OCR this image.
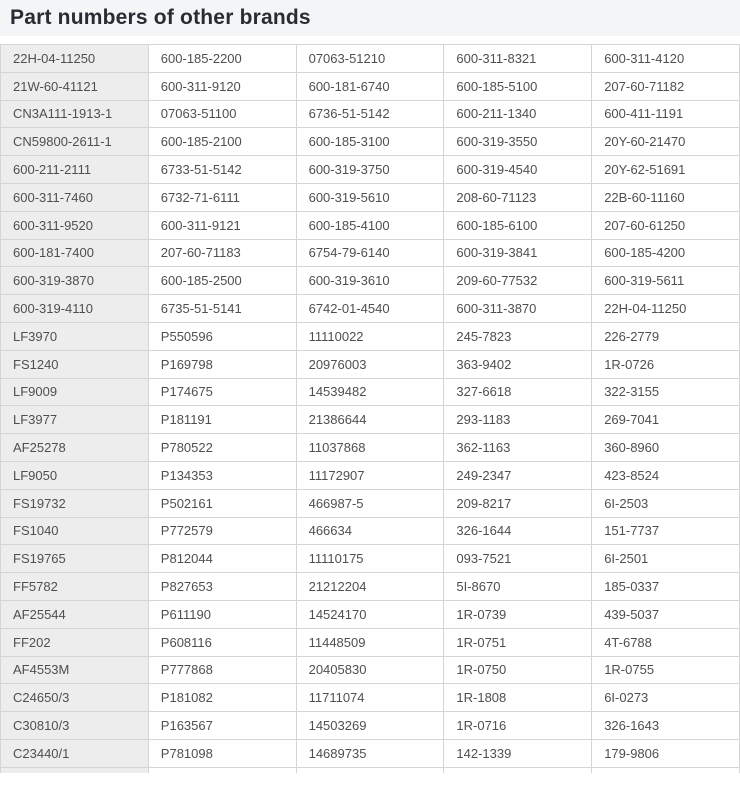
Part numbers of other brands
22H-04-11250	600-185-2200	07063-51210	600-311-8321	600-311-4120
21W-60-41121	600-311-9120	600-181-6740	600-185-5100	207-60-71182
CN3A111-1913-1	07063-51100	6736-51-5142	600-211-1340	600-411-1191
CN59800-2611-1	600-185-2100	600-185-3100	600-319-3550	20Y-60-21470
600-211-2111	6733-51-5142	600-319-3750	600-319-4540	20Y-62-51691
600-311-7460	6732-71-6111	600-319-5610	208-60-71123	22B-60-11160
600-311-9520	600-311-9121	600-185-4100	600-185-6100	207-60-61250
600-181-7400	207-60-71183	6754-79-6140	600-319-3841	600-185-4200
600-319-3870	600-185-2500	600-319-3610	209-60-77532	600-319-5611
600-319-4110	6735-51-5141	6742-01-4540	600-311-3870	22H-04-11250
LF3970	P550596	11110022	245-7823	226-2779
FS1240	P169798	20976003	363-9402	1R-0726
LF9009	P174675	14539482	327-6618	322-3155
LF3977	P181191	21386644	293-1183	269-7041
AF25278	P780522	11037868	362-1163	360-8960
LF9050	P134353	11172907	249-2347	423-8524
FS19732	P502161	466987-5	209-8217	6I-2503
FS1040	P772579	466634	326-1644	151-7737
FS19765	P812044	11110175	093-7521	6I-2501
FF5782	P827653	21212204	5I-8670	185-0337
AF25544	P611190	14524170	1R-0739	439-5037
FF202	P608116	11448509	1R-0751	4T-6788
AF4553M	P777868	20405830	1R-0750	1R-0755
C24650/3	P181082	11711074	1R-1808	6I-0273
C30810/3	P163567	14503269	1R-0716	326-1643
C23440/1	P781098	14689735	142-1339	179-9806
